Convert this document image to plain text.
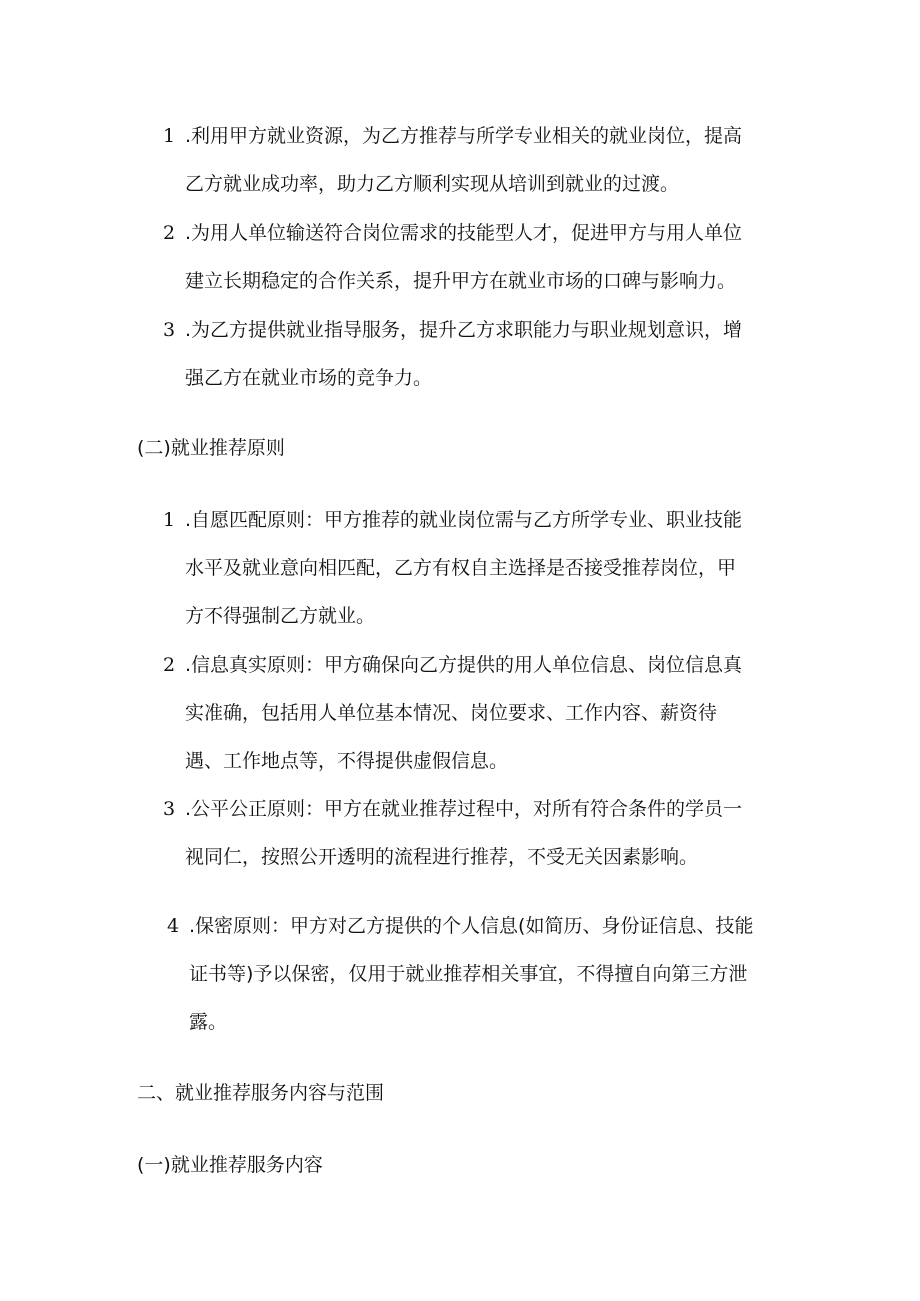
1 .利用甲方就业资源，为乙方推荐与所学专业相关的就业岗位，提高
乙方就业成功率，助力乙方顺利实现从培训到就业的过渡。
2 .为用人单位输送符合岗位需求的技能型人才，促进甲方与用人单位
建立长期稳定的合作关系，提升甲方在就业市场的口碑与影响力。
3 .为乙方提供就业指导服务，提升乙方求职能力与职业规划意识，增
强乙方在就业市场的竞争力。
(二)就业推荐原则
1 .自愿匹配原则：甲方推荐的就业岗位需与乙方所学专业、职业技能
水平及就业意向相匹配，乙方有权自主选择是否接受推荐岗位，甲
方不得强制乙方就业。
2 .信息真实原则：甲方确保向乙方提供的用人单位信息、岗位信息真
实准确，包括用人单位基本情况、岗位要求、工作内容、薪资待
遇、工作地点等，不得提供虚假信息。
3 .公平公正原则：甲方在就业推荐过程中，对所有符合条件的学员一
视同仁，按照公开透明的流程进行推荐，不受无关因素影响。
4 .保密原则：甲方对乙方提供的个人信息(如简历、身份证信息、技能
证书等)予以保密，仅用于就业推荐相关事宜，不得擅自向第三方泄
露。
二、就业推荐服务内容与范围
(一)就业推荐服务内容
